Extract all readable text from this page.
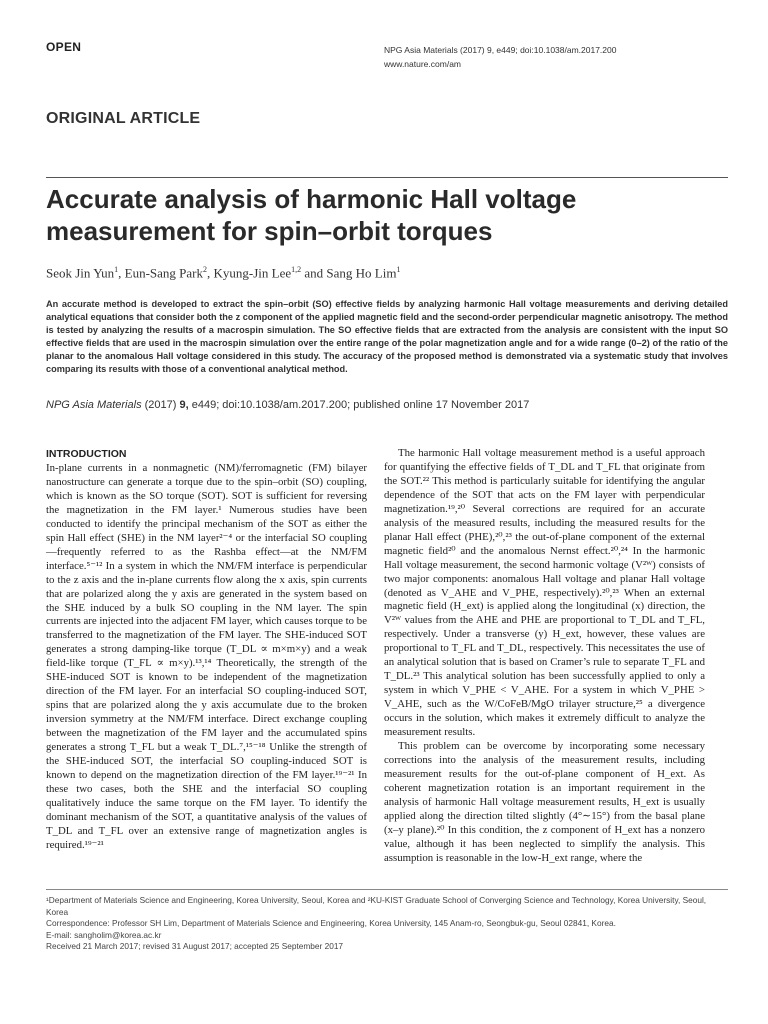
OPEN	NPG Asia Materials (2017) 9, e449; doi:10.1038/am.2017.200
www.nature.com/am
ORIGINAL ARTICLE
Accurate analysis of harmonic Hall voltage measurement for spin–orbit torques
Seok Jin Yun$^1$, Eun-Sang Park$^2$, Kyung-Jin Lee$^{1,2}$ and Sang Ho Lim$^1$

An accurate method is developed to extract the spin–orbit (SO) effective fields by analyzing harmonic Hall voltage measurements and deriving detailed analytical equations that consider both the z component of the applied magnetic field and the second-order perpendicular magnetic anisotropy. The method is tested by analyzing the results of a macrospin simulation. The SO effective fields that are extracted from the analysis are consistent with the input SO effective fields that are used in the macrospin simulation over the entire range of the polar magnetization angle and for a wide range (0–2) of the ratio of the planar to the anomalous Hall voltage considered in this study. The accuracy of the proposed method is demonstrated via a systematic study that involves comparing its results with those of a conventional analytical method.

NPG Asia Materials (2017) 9, e449; doi:10.1038/am.2017.200; published online 17 November 2017
INTRODUCTION

In-plane currents in a nonmagnetic (NM)/ferromagnetic (FM) bilayer nanostructure can generate a torque due to the spin–orbit (SO) coupling, which is known as the SO torque (SOT). SOT is sufficient for reversing the magnetization in the FM layer.¹ Numerous studies have been conducted to identify the principal mechanism of the SOT as either the spin Hall effect (SHE) in the NM layer²⁻⁴ or the interfacial SO coupling—frequently referred to as the Rashba effect—at the NM/FM interface.⁵⁻¹² In a system in which the NM/FM interface is perpendicular to the z axis and the in-plane currents flow along the x axis, spin currents that are polarized along the y axis are generated in the system based on the SHE induced by a bulk SO coupling in the NM layer. The spin currents are injected into the adjacent FM layer, which causes torque to be transferred to the magnetization of the FM layer. The SHE-induced SOT generates a strong damping-like torque (T_DL ∝ m×m×y) and a weak field-like torque (T_FL ∝ m×y).¹³,¹⁴ Theoretically, the strength of the SHE-induced SOT is known to be independent of the magnetization direction of the FM layer. For an interfacial SO coupling-induced SOT, spins that are polarized along the y axis accumulate due to the broken inversion symmetry at the NM/FM interface. Direct exchange coupling between the magnetization of the FM layer and the accumulated spins generates a strong T_FL but a weak T_DL.⁷,¹⁵⁻¹⁸ Unlike the strength of the SHE-induced SOT, the interfacial SO coupling-induced SOT is known to depend on the magnetization direction of the FM layer.¹⁹⁻²¹ In these two cases, both the SHE and the interfacial SO coupling qualitatively induce the same torque on the FM layer. To identify the dominant mechanism of the SOT, a quantitative analysis of the values of T_DL and T_FL over an extensive range of magnetization angles is required.¹⁹⁻²¹

The harmonic Hall voltage measurement method is a useful approach for quantifying the effective fields of T_DL and T_FL that originate from the SOT.²² This method is particularly suitable for identifying the angular dependence of the SOT that acts on the FM layer with perpendicular magnetization.¹⁹,²⁰ Several corrections are required for an accurate analysis of the measured results, including the measured results for the planar Hall effect (PHE),²⁰,²³ the out-of-plane component of the external magnetic field²⁰ and the anomalous Nernst effect.²⁰,²⁴ In the harmonic Hall voltage measurement, the second harmonic voltage (V²ᵂ) consists of two major components: anomalous Hall voltage and planar Hall voltage (denoted as V_AHE and V_PHE, respectively).²⁰,²³ When an external magnetic field (H_ext) is applied along the longitudinal (x) direction, the V²ᵂ values from the AHE and PHE are proportional to T_DL and T_FL, respectively. Under a transverse (y) H_ext, however, these values are proportional to T_FL and T_DL, respectively. This necessitates the use of an analytical solution that is based on Cramer’s rule to separate T_FL and T_DL.²³ This analytical solution has been successfully applied to only a system in which V_PHE < V_AHE. For a system in which V_PHE > V_AHE, such as the W/CoFeB/MgO trilayer structure,²⁵ a divergence occurs in the solution, which makes it extremely difficult to analyze the measurement results.

This problem can be overcome by incorporating some necessary corrections into the analysis of the measurement results, including measurement results for the out-of-plane component of H_ext. As coherent magnetization rotation is an important requirement in the analysis of harmonic Hall voltage measurement results, H_ext is usually applied along the direction tilted slightly (4°∼15°) from the basal plane (x–y plane).²⁰ In this condition, the z component of H_ext has a nonzero value, although it has been neglected to simplify the analysis. This assumption is reasonable in the low-H_ext range, where the

¹Department of Materials Science and Engineering, Korea University, Seoul, Korea and ²KU-KIST Graduate School of Converging Science and Technology, Korea University, Seoul, Korea
Correspondence: Professor SH Lim, Department of Materials Science and Engineering, Korea University, 145 Anam-ro, Seongbuk-gu, Seoul 02841, Korea.
E-mail: sangholim@korea.ac.kr
Received 21 March 2017; revised 31 August 2017; accepted 25 September 2017
